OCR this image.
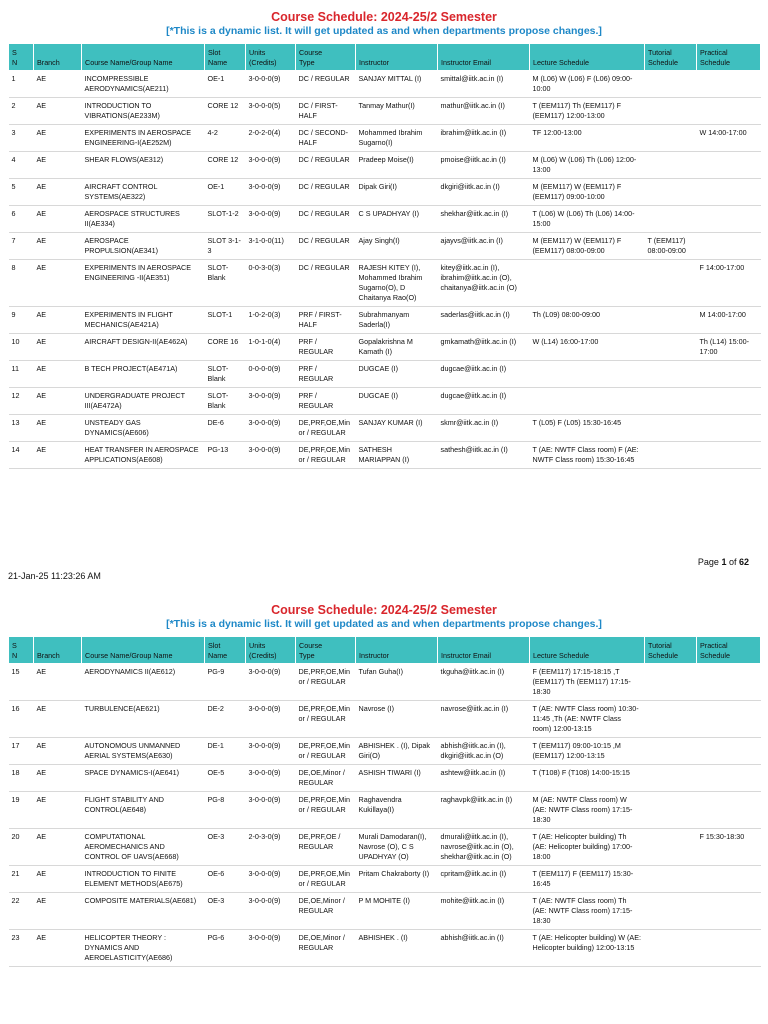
Course Schedule: 2024-25/2 Semester
[*This is a dynamic list. It will get updated as and when departments propose changes.]
S
N	Branch	Course Name/Group Name	Slot
Name	Units
(Credits)	Course
Type	Instructor	Instructor Email	Lecture Schedule	Tutorial
Schedule	Practical
Schedule
1	AE	INCOMPRESSIBLE AERODYNAMICS(AE211)	OE-1	3-0-0-0(9)	DC / REGULAR	SANJAY MITTAL (I)	smittal@iitk.ac.in (I)	M (L06) W (L06) F (L06) 09:00-10:00		
2	AE	INTRODUCTION TO VIBRATIONS(AE233M)	CORE 12	3-0-0-0(5)	DC / FIRST-HALF	Tanmay Mathur(I)	mathur@iitk.ac.in (I)	T (EEM117) Th (EEM117) F (EEM117) 12:00-13:00		
3	AE	EXPERIMENTS IN AEROSPACE ENGINEERING-I(AE252M)	4-2	2-0-2-0(4)	DC / SECOND-HALF	Mohammed Ibrahim Sugarno(I)	ibrahim@iitk.ac.in (I)	TF 12:00-13:00		W 14:00-17:00
4	AE	SHEAR FLOWS(AE312)	CORE 12	3-0-0-0(9)	DC / REGULAR	Pradeep Moise(I)	pmoise@iitk.ac.in (I)	M (L06) W (L06) Th (L06) 12:00-13:00		
5	AE	AIRCRAFT CONTROL SYSTEMS(AE322)	OE-1	3-0-0-0(9)	DC / REGULAR	Dipak Giri(I)	dkgiri@iitk.ac.in (I)	M (EEM117) W (EEM117) F (EEM117) 09:00-10:00		
6	AE	AEROSPACE STRUCTURES II(AE334)	SLOT-1-2	3-0-0-0(9)	DC / REGULAR	C S UPADHYAY (I)	shekhar@iitk.ac.in (I)	T (L06) W (L06) Th (L06) 14:00-15:00		
7	AE	AEROSPACE PROPULSION(AE341)	SLOT 3-1-3	3-1-0-0(11)	DC / REGULAR	Ajay Singh(I)	ajayvs@iitk.ac.in (I)	M (EEM117) W (EEM117) F (EEM117) 08:00-09:00	T (EEM117) 08:00-09:00	
8	AE	EXPERIMENTS IN AEROSPACE ENGINEERING -II(AE351)	SLOT-Blank	0-0-3-0(3)	DC / REGULAR	RAJESH KITEY (I), Mohammed Ibrahim Sugarno(O), D Chaitanya Rao(O)	kitey@iitk.ac.in (I), ibrahim@iitk.ac.in (O), chaitanya@iitk.ac.in (O)			F 14:00-17:00
9	AE	EXPERIMENTS IN FLIGHT MECHANICS(AE421A)	SLOT-1	1-0-2-0(3)	PRF / FIRST-HALF	Subrahmanyam Saderla(I)	saderlas@iitk.ac.in (I)	Th (L09) 08:00-09:00		M 14:00-17:00
10	AE	AIRCRAFT DESIGN-II(AE462A)	CORE 16	1-0-1-0(4)	PRF / REGULAR	Gopalakrishna M Kamath (I)	gmkamath@iitk.ac.in (I)	W (L14) 16:00-17:00		Th (L14) 15:00-17:00
11	AE	B TECH PROJECT(AE471A)	SLOT-Blank	0-0-0-0(9)	PRF / REGULAR	DUGCAE (I)	dugcae@iitk.ac.in (I)			
12	AE	UNDERGRADUATE PROJECT III(AE472A)	SLOT-Blank	3-0-0-0(9)	PRF / REGULAR	DUGCAE (I)	dugcae@iitk.ac.in (I)			
13	AE	UNSTEADY GAS DYNAMICS(AE606)	DE-6	3-0-0-0(9)	DE,PRF,OE,Minor / REGULAR	SANJAY KUMAR (I)	skmr@iitk.ac.in (I)	T (L05) F (L05) 15:30-16:45		
14	AE	HEAT TRANSFER IN AEROSPACE APPLICATIONS(AE608)	PG-13	3-0-0-0(9)	DE,PRF,OE,Minor / REGULAR	SATHESH MARIAPPAN (I)	sathesh@iitk.ac.in (I)	T (AE: NWTF Class room) F (AE: NWTF Class room) 15:30-16:45		
Page 1 of 62
21-Jan-25 11:23:26 AM
Course Schedule: 2024-25/2 Semester
[*This is a dynamic list. It will get updated as and when departments propose changes.]
S
N	Branch	Course Name/Group Name	Slot
Name	Units
(Credits)	Course
Type	Instructor	Instructor Email	Lecture Schedule	Tutorial
Schedule	Practical
Schedule
15	AE	AERODYNAMICS II(AE612)	PG-9	3-0-0-0(9)	DE,PRF,OE,Minor / REGULAR	Tufan Guha(I)	tkguha@iitk.ac.in (I)	F (EEM117) 17:15-18:15 ,T (EEM117) Th (EEM117) 17:15-18:30		
16	AE	TURBULENCE(AE621)	DE-2	3-0-0-0(9)	DE,PRF,OE,Minor / REGULAR	Navrose (I)	navrose@iitk.ac.in (I)	T (AE: NWTF Class room) 10:30-11:45 ,Th (AE: NWTF Class room) 12:00-13:15		
17	AE	AUTONOMOUS UNMANNED AERIAL SYSTEMS(AE630)	DE-1	3-0-0-0(9)	DE,PRF,OE,Minor / REGULAR	ABHISHEK . (I), Dipak Giri(O)	abhish@iitk.ac.in (I), dkgiri@iitk.ac.in (O)	T (EEM117) 09:00-10:15 ,M (EEM117) 12:00-13:15		
18	AE	SPACE DYNAMICS-I(AE641)	OE-5	3-0-0-0(9)	DE,OE,Minor / REGULAR	ASHISH TIWARI (I)	ashtew@iitk.ac.in (I)	T (T108) F (T108) 14:00-15:15		
19	AE	FLIGHT STABILITY AND CONTROL(AE648)	PG-8	3-0-0-0(9)	DE,PRF,OE,Minor / REGULAR	Raghavendra Kukillaya(I)	raghavpk@iitk.ac.in (I)	M (AE: NWTF Class room) W (AE: NWTF Class room) 17:15-18:30		
20	AE	COMPUTATIONAL AEROMECHANICS AND CONTROL OF UAVS(AE668)	OE-3	2-0-3-0(9)	DE,PRF,OE / REGULAR	Murali Damodaran(I), Navrose (O), C S UPADHYAY (O)	dmurali@iitk.ac.in (I), navrose@iitk.ac.in (O), shekhar@iitk.ac.in (O)	T (AE: Helicopter building) Th (AE: Helicopter building) 17:00-18:00		F 15:30-18:30
21	AE	INTRODUCTION TO FINITE ELEMENT METHODS(AE675)	OE-6	3-0-0-0(9)	DE,PRF,OE,Minor / REGULAR	Pritam Chakraborty (I)	cpritam@iitk.ac.in (I)	T (EEM117) F (EEM117) 15:30-16:45		
22	AE	COMPOSITE MATERIALS(AE681)	OE-3	3-0-0-0(9)	DE,OE,Minor / REGULAR	P M MOHITE (I)	mohite@iitk.ac.in (I)	T (AE: NWTF Class room) Th (AE: NWTF Class room) 17:15-18:30		
23	AE	HELICOPTER THEORY : DYNAMICS AND AEROELASTICITY(AE686)	PG-6	3-0-0-0(9)	DE,OE,Minor / REGULAR	ABHISHEK . (I)	abhish@iitk.ac.in (I)	T (AE: Helicopter building) W (AE: Helicopter building) 12:00-13:15		
